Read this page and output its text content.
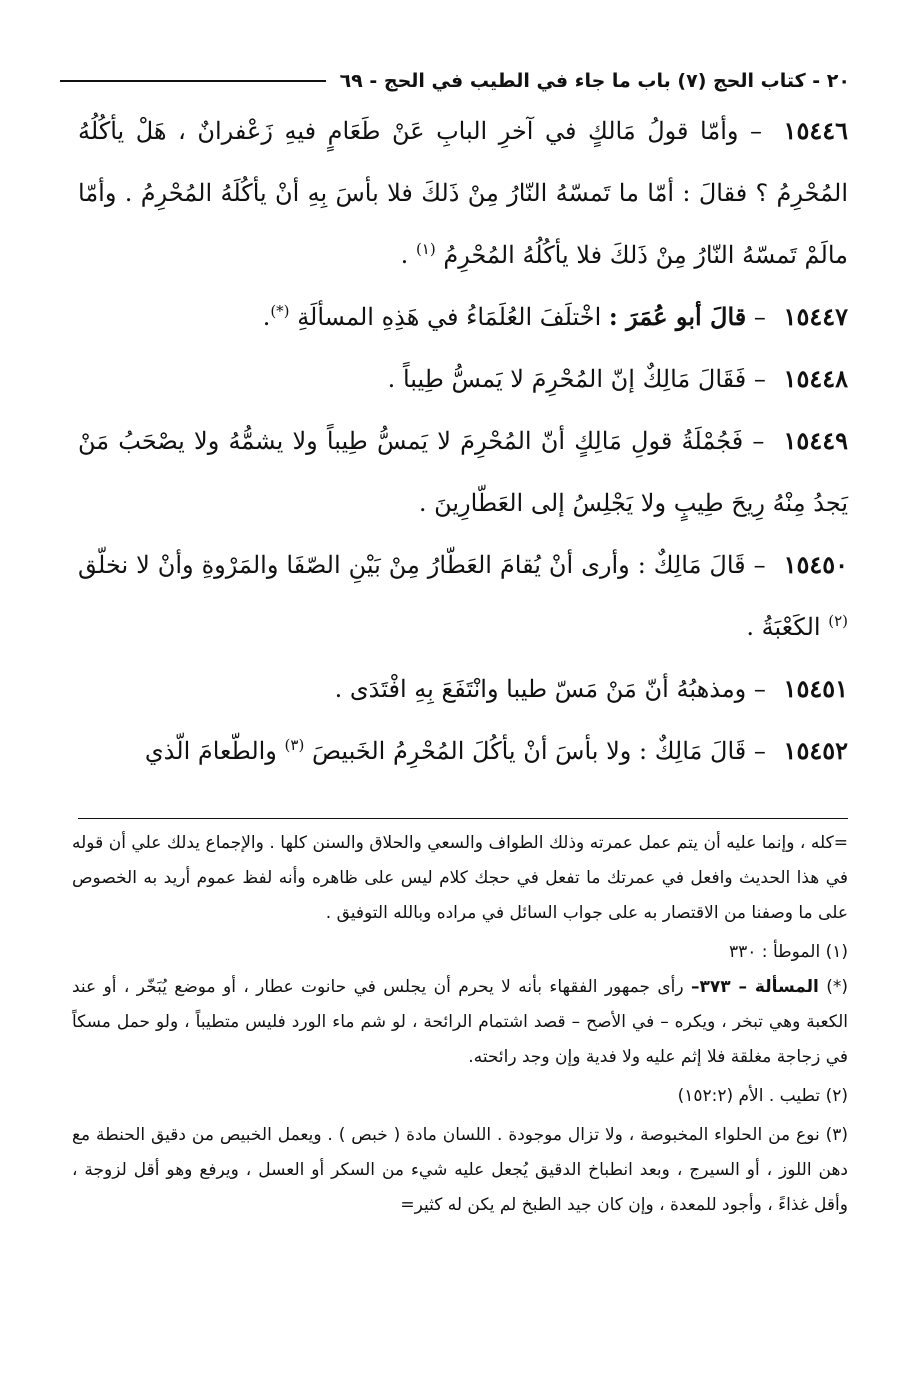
٢٠ - كتاب الحج (٧) باب ما جاء في الطيب في الحج - ٦٩

١٥٤٤٦ – وأمّا قولُ مَالكٍ في آخرِ البابِ عَنْ طَعَامٍ فيهِ زَعْفرانٌ ، هَلْ يأكُلُهُ المُحْرِمُ ؟ فقالَ : أمّا ما تَمسّهُ النّارُ مِنْ ذَلكَ فلا بأسَ بِهِ أنْ يأكُلَهُ المُحْرِمُ . وأمّا مالَمْ تَمسّهُ النّارُ مِنْ ذَلكَ فلا يأكُلُهُ المُحْرِمُ $^{(١)}$ .

١٥٤٤٧ – قالَ أبو عُمَرَ : اخْتلَفَ العُلَمَاءُ في هَذِهِ المسألَةِ (*).

١٥٤٤٨ – فَقَالَ مَالِكٌ إنّ المُحْرِمَ لا يَمسُّ طِيباً .

١٥٤٤٩ – فَجُمْلَةُ قولِ مَالِكٍ أنّ المُحْرِمَ لا يَمسُّ طِيباً ولا يشمُّهُ ولا يصْحَبُ مَنْ يَجدُ مِنْهُ رِيحَ طِيبٍ ولا يَجْلِسُ إلى العَطّارِينَ .

١٥٤٥٠ – قَالَ مَالِكٌ : وأرى أنْ يُقامَ العَطّارُ مِنْ بَيْنِ الصّفَا والمَرْوةِ وأنْ لا نخلّق $^{(٢)}$ الكَعْبَةُ .

١٥٤٥١ – ومذهبُهُ أنّ مَنْ مَسّ طيبا وانْتَفَعَ بِهِ افْتَدَى .

١٥٤٥٢ – قَالَ مَالِكٌ : ولا بأسَ أنْ يأكُلَ المُحْرِمُ الخَبيصَ $^{(٣)}$ والطّعامَ الّذي

=كله ، وإنما عليه أن يتم عمل عمرته وذلك الطواف والسعي والحلاق والسنن كلها . والإجماع يدلك علي أن قوله في هذا الحديث وافعل في عمرتك ما تفعل في حجك كلام ليس على ظاهره وأنه لفظ عموم أريد به الخصوص على ما وصفنا من الاقتصار به على جواب السائل في مراده وبالله التوفيق .

(١) الموطأ : ٣٣٠

(*) المسألة – ٣٧٣– رأى جمهور الفقهاء بأنه لا يحرم أن يجلس في حانوت عطار ، أو موضع يُبَخّر ، أو عند الكعبة وهي تبخر ، ويكره – في الأصح – قصد اشتمام الرائحة ، لو شم ماء الورد فليس متطيباً ، ولو حمل مسكاً في زجاجة مغلقة فلا إثم عليه ولا فدية وإن وجد رائحته.

(٢) تطيب . الأم (١٥٢:٢)

(٣) نوع من الحلواء المخبوصة ، ولا تزال موجودة . اللسان مادة ( خبص ) . ويعمل الخبيص من دقيق الحنطة مع دهن اللوز ، أو السيرج ، وبعد انطباخ الدقيق يُجعل عليه شيء من السكر أو العسل ، ويرفع وهو أقل لزوجة ، وأقل غذاءً ، وأجود للمعدة ، وإن كان جيد الطبخ لم يكن له كثير=
